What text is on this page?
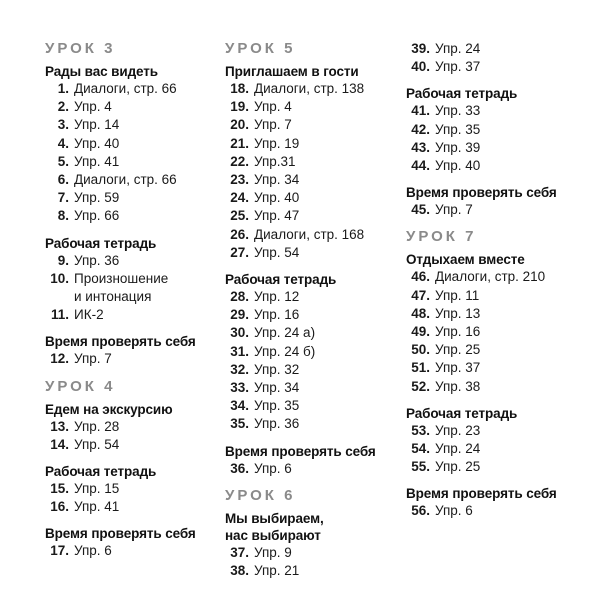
УРОК 3
Рады вас видеть
1. Диалоги, стр. 66
2. Упр. 4
3. Упр. 14
4. Упр. 40
5. Упр. 41
6. Диалоги, стр. 66
7. Упр. 59
8. Упр. 66
Рабочая тетрадь
9. Упр. 36
10. Произношение
и интонация
11. ИК-2
Время проверять себя
12. Упр. 7
УРОК 4
Едем на экскурсию
13. Упр. 28
14. Упр. 54
Рабочая тетрадь
15. Упр. 15
16. Упр. 41
Время проверять себя
17. Упр. 6
УРОК 5
Приглашаем в гости
18. Диалоги, стр. 138
19. Упр. 4
20. Упр. 7
21. Упр. 19
22. Упр.31
23. Упр. 34
24. Упр. 40
25. Упр. 47
26. Диалоги, стр. 168
27. Упр. 54
Рабочая тетрадь
28. Упр. 12
29. Упр. 16
30. Упр. 24 а)
31. Упр. 24 б)
32. Упр. 32
33. Упр. 34
34. Упр. 35
35. Упр. 36
Время проверять себя
36. Упр. 6
УРОК 6
Мы выбираем,
нас выбирают
37. Упр. 9
38. Упр. 21
39. Упр. 24
40. Упр. 37
Рабочая тетрадь
41. Упр. 33
42. Упр. 35
43. Упр. 39
44. Упр. 40
Время проверять себя
45. Упр. 7
УРОК 7
Отдыхаем вместе
46. Диалоги, стр. 210
47. Упр. 11
48. Упр. 13
49. Упр. 16
50. Упр. 25
51. Упр. 37
52. Упр. 38
Рабочая тетрадь
53. Упр. 23
54. Упр. 24
55. Упр. 25
Время проверять себя
56. Упр. 6
